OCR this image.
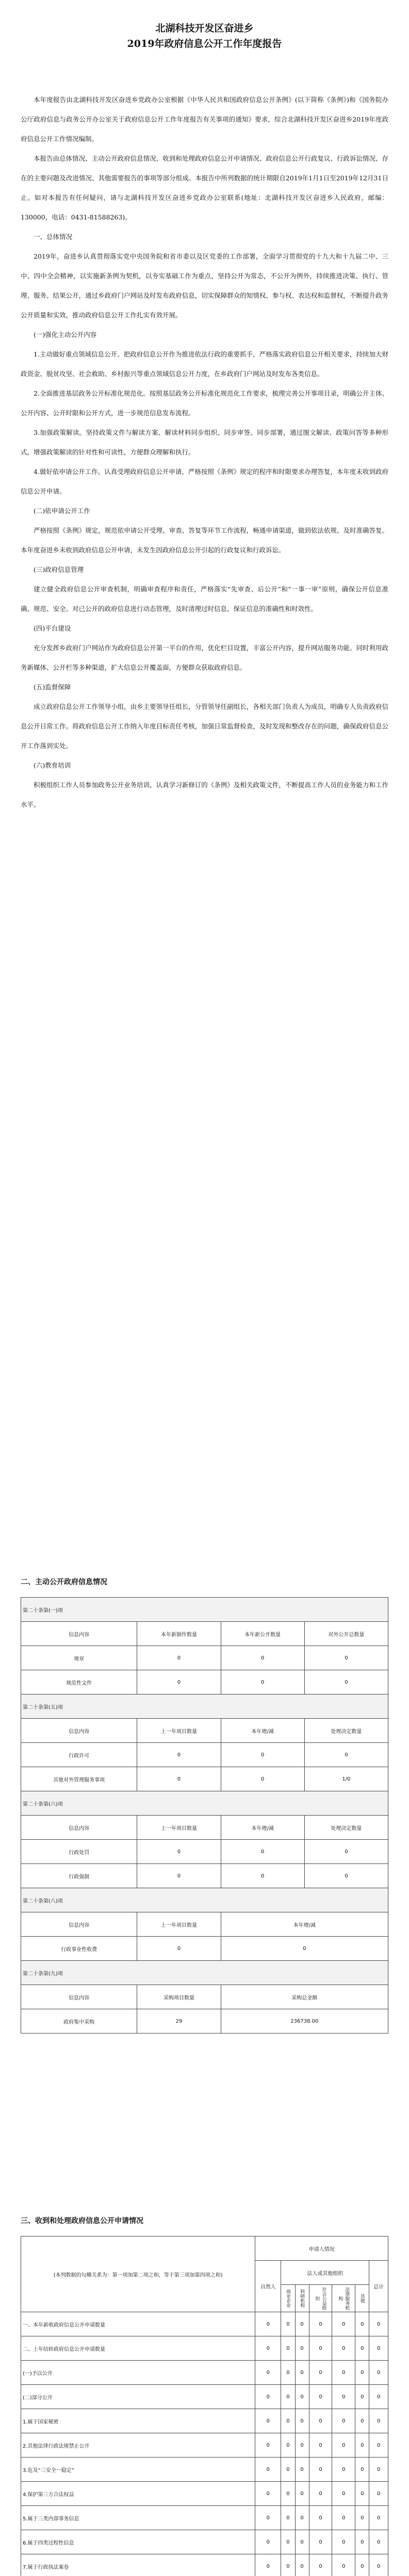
北湖科技开发区奋进乡

2019年政府信息公开工作年度报告

本年度报告由北湖科技开发区奋进乡党政办公室根据《中华人民共和国政府信息公开条例》(以下简称《条例》)和《国务院办公厅政府信息与政务公开办公室关于政府信息公开工作年度报告有关事项的通知》要求，综合北湖科技开发区奋进乡2019年度政府信息公开工作情况编制。

本报告由总体情况、主动公开政府信息情况、收到和处理政府信息公开申请情况、政府信息公开行政复议、行政诉讼情况、存在的主要问题及改进情况、其他需要报告的事项等部分组成。本报告中所列数据的统计期限自2019年1月1日至2019年12月31日止。如对本报告有任何疑问，请与北湖科技开发区奋进乡党政办公室联系(地址：北湖科技开发区奋进乡人民政府，邮编：130000，电话：0431-81588263)。

一、总体情况

2019年，奋进乡认真贯彻落实党中央国务院和省市委以及区党委的工作部署，全面学习贯彻党的十九大和十九届二中、三中、四中全会精神，以实施新条例为契机，以夯实基础工作为重点，坚持公开为常态，不公开为例外，持续推进决策、执行、管理、服务、结果公开，通过乡政府门户网站及时发布政府信息，切实保障群众的知情权、参与权、表达权和监督权，不断提升政务公开质量和实效，推动政府信息公开工作扎实有效开展。

(一)强化主动公开内容

1.主动做好重点领域信息公开。把政府信息公开作为推进依法行政的重要抓手，严格落实政府信息公开相关要求，持续加大财政资金、脱贫攻坚、社会救助、乡村振兴等重点领域信息公开力度，在乡政府门户网站及时发布各类信息。

2.全面推进基层政务公开标准化规范化。按照基层政务公开标准化规范化工作要求，梳理完善公开事项目录，明确公开主体、公开内容、公开时限和公开方式，进一步规范信息发布流程。

3.加强政策解读。坚持政策文件与解读方案、解读材料同步组织、同步审签、同步部署，通过图文解读、政策问答等多种形式，增强政策解读的针对性和可读性，方便群众理解和执行。

4.做好依申请公开工作。认真受理政府信息公开申请，严格按照《条例》规定的程序和时限要求办理答复，本年度未收到政府信息公开申请。

(二)依申请公开工作

严格按照《条例》规定，规范依申请公开受理、审查、答复等环节工作流程，畅通申请渠道，做到依法依规、及时准确答复。本年度奋进乡未收到政府信息公开申请，未发生因政府信息公开引起的行政复议和行政诉讼。

(三)政府信息管理

建立健全政府信息公开审查机制，明确审查程序和责任，严格落实“先审查、后公开”和“一事一审”原则，确保公开信息准确、规范、安全。对已公开的政府信息进行动态管理，及时清理过时信息，保证信息的准确性和时效性。

(四)平台建设

充分发挥乡政府门户网站作为政府信息公开第一平台的作用，优化栏目设置，丰富公开内容，提升网站服务功能。同时利用政务新媒体、公开栏等多种渠道，扩大信息公开覆盖面，方便群众获取政府信息。

(五)监督保障

成立政府信息公开工作领导小组，由乡主要领导任组长，分管领导任副组长，各相关部门负责人为成员，明确专人负责政府信息公开日常工作。将政府信息公开工作纳入年度目标责任考核，加强日常监督检查，及时发现和整改存在的问题，确保政府信息公开工作落到实处。

(六)教育培训

积极组织工作人员参加政务公开业务培训，认真学习新修订的《条例》及相关政策文件，不断提高工作人员的业务能力和工作水平。

二、主动公开政府信息情况
第二十条第(一)项			
信息内容	本年新制作数量	本年新公开数量	对外公开总数量
规章	0	0	0
规范性文件	0	0	0
第二十条第(五)项			
信息内容	上一年项目数量	本年增/减	处理决定数量
行政许可	0	0	0
其他对外管理服务事项	0	0	1/0
第二十条第(六)项			
信息内容	上一年项目数量	本年增/减	处理决定数量
行政处罚	0	0	0
行政强制	0	0	0
第二十条第(八)项			
信息内容	上一年项目数量	本年增/减	
行政事业性收费	0	0	
第二十条第(九)项			
信息内容	采购项目数量	采购总金额	
政府集中采购	29	236738.00	
三、收到和处理政府信息公开申请情况
(本列数据的勾稽关系为：第一项加第二项之和，等于第三项加第四项之和)	申请人情况						
	自然人	法人或其他组织					总计
		商业企业	科研机构	社会公益组织	法律服务机构	其他	
一、本年新收政府信息公开申请数量	0	0	0	0	0	0	0
二、上年结转政府信息公开申请数量	0	0	0	0	0	0	0
(一)予以公开	0	0	0	0	0	0	0
(二)部分公开	0	0	0	0	0	0	0
1.属于国家秘密	0	0	0	0	0	0	0
2.其他法律行政法规禁止公开	0	0	0	0	0	0	0
3.危及“三安全一稳定”	0	0	0	0	0	0	0
4.保护第三方合法权益	0	0	0	0	0	0	0
5.属于三类内部事务信息	0	0	0	0	0	0	0
6.属于四类过程性信息	0	0	0	0	0	0	0
7.属于行政执法案卷	0	0	0	0	0	0	0
